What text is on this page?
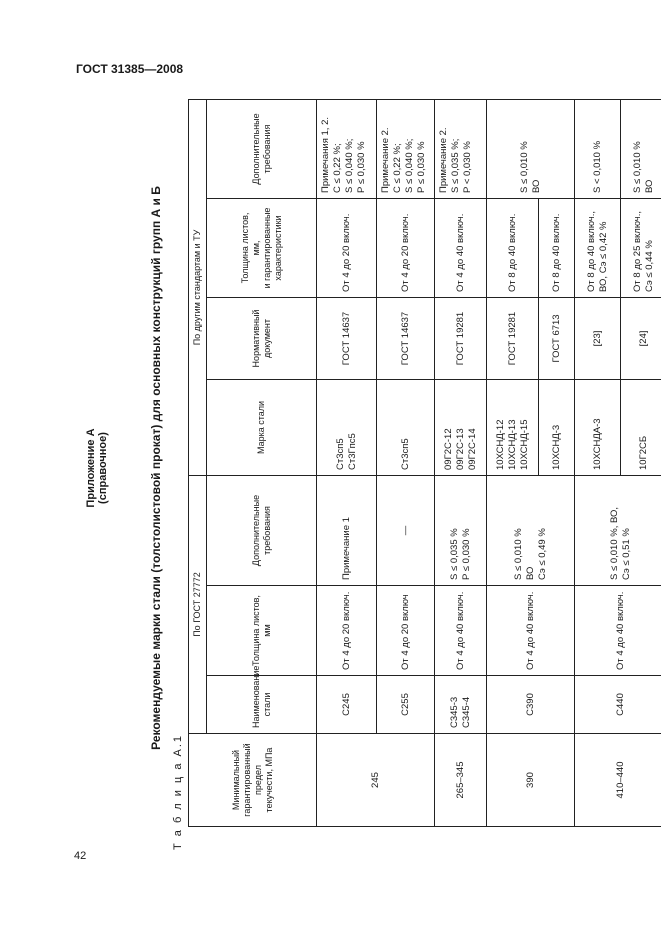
ГОСТ 31385—2008
42
Приложение А (справочное)	Рекомендуемые марки стали (толстолистовой прокат) для основных конструкций групп А и Б
Т а б л и ц а А.1	Минимальный гарантированный предел текучести, МПа	По ГОСТ 27772			По другим стандартам и ТУ			

	Наименование стали	Толщина листов, мм	Дополнительные требования	Марка стали	Нормативный документ	Толщина листов, мм, и гарантированные характеристики	Дополнительные требования

245	С245	От 4 до 20 включ.	Примечание 1	Ст3сп5 Ст3Гпс5	ГОСТ 14637	От 4 до 20 включ.	Примечания 1, 2. C ≤ 0,22 %; S ≤ 0,040 %; P ≤ 0,030 %

	С255	От 4 до 20 включ	—	Ст3сп5	ГОСТ 14637	От 4 до 20 включ.	Примечание 2. C ≤ 0,22 %; S ≤ 0,040 %; P ≤ 0,030 %

265–345	С345-3 С345-4	От 4 до 40 включ.	S ≤ 0,035 % P ≤ 0,030 %	09Г2С-12 09Г2С-13 09Г2С-14	ГОСТ 19281	От 4 до 40 включ.	Примечание 2. S ≤ 0,035 %; P < 0,030 %

390	С390	От 4 до 40 включ.	S ≤ 0,010 % ВО Cэ ≤ 0,49 %	10ХСНД-12 10ХСНД-13 10ХСНД-15	ГОСТ 19281	От 8 до 40 включ.	S ≤ 0,010 % ВО

				10ХСНД-3	ГОСТ 6713	От 8 до 40 включ.	
410–440	С440	От 4 до 40 включ.	S ≤ 0,010 %, ВО, Cэ ≤ 0,51 %	10ХСНДА-3	[23]	От 8 до 40 включ., ВО, Cэ ≤ 0,42 %	S < 0,010 %

				10Г2СБ	[24]	От 8 до 25 включ., Cэ ≤ 0,44 %	S ≤ 0,010 % ВО
